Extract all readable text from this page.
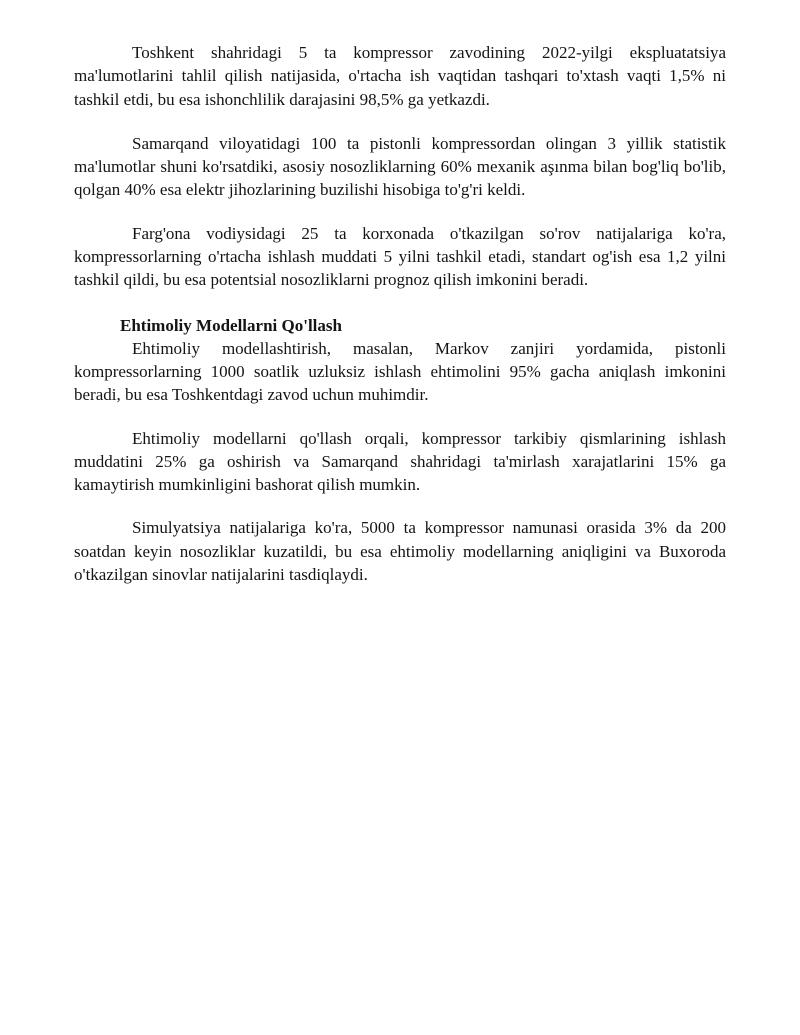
Toshkent shahridagi 5 ta kompressor zavodining 2022-yilgi ekspluatatsiya ma'lumotlarini tahlil qilish natijasida, o'rtacha ish vaqtidan tashqari to'xtash vaqti 1,5% ni tashkil etdi, bu esa ishonchlilik darajasini 98,5% ga yetkazdi.

Samarqand viloyatidagi 100 ta pistonli kompressordan olingan 3 yillik statistik ma'lumotlar shuni ko'rsatdiki, asosiy nosozliklarning 60% mexanik aşınma bilan bog'liq bo'lib, qolgan 40% esa elektr jihozlarining buzilishi hisobiga to'g'ri keldi.

Farg'ona vodiysidagi 25 ta korxonada o'tkazilgan so'rov natijalariga ko'ra, kompressorlarning o'rtacha ishlash muddati 5 yilni tashkil etadi, standart og'ish esa 1,2 yilni tashkil qildi, bu esa potentsial nosozliklarni prognoz qilish imkonini beradi.

Ehtimoliy Modellarni Qo'llash

Ehtimoliy modellashtirish, masalan, Markov zanjiri yordamida, pistonli kompressorlarning 1000 soatlik uzluksiz ishlash ehtimolini 95% gacha aniqlash imkonini beradi, bu esa Toshkentdagi zavod uchun muhimdir.

Ehtimoliy modellarni qo'llash orqali, kompressor tarkibiy qismlarining ishlash muddatini 25% ga oshirish va Samarqand shahridagi ta'mirlash xarajatlarini 15% ga kamaytirish mumkinligini bashorat qilish mumkin.

Simulyatsiya natijalariga ko'ra, 5000 ta kompressor namunasi orasida 3% da 200 soatdan keyin nosozliklar kuzatildi, bu esa ehtimoliy modellarning aniqligini va Buxoroda o'tkazilgan sinovlar natijalarini tasdiqlaydi.
